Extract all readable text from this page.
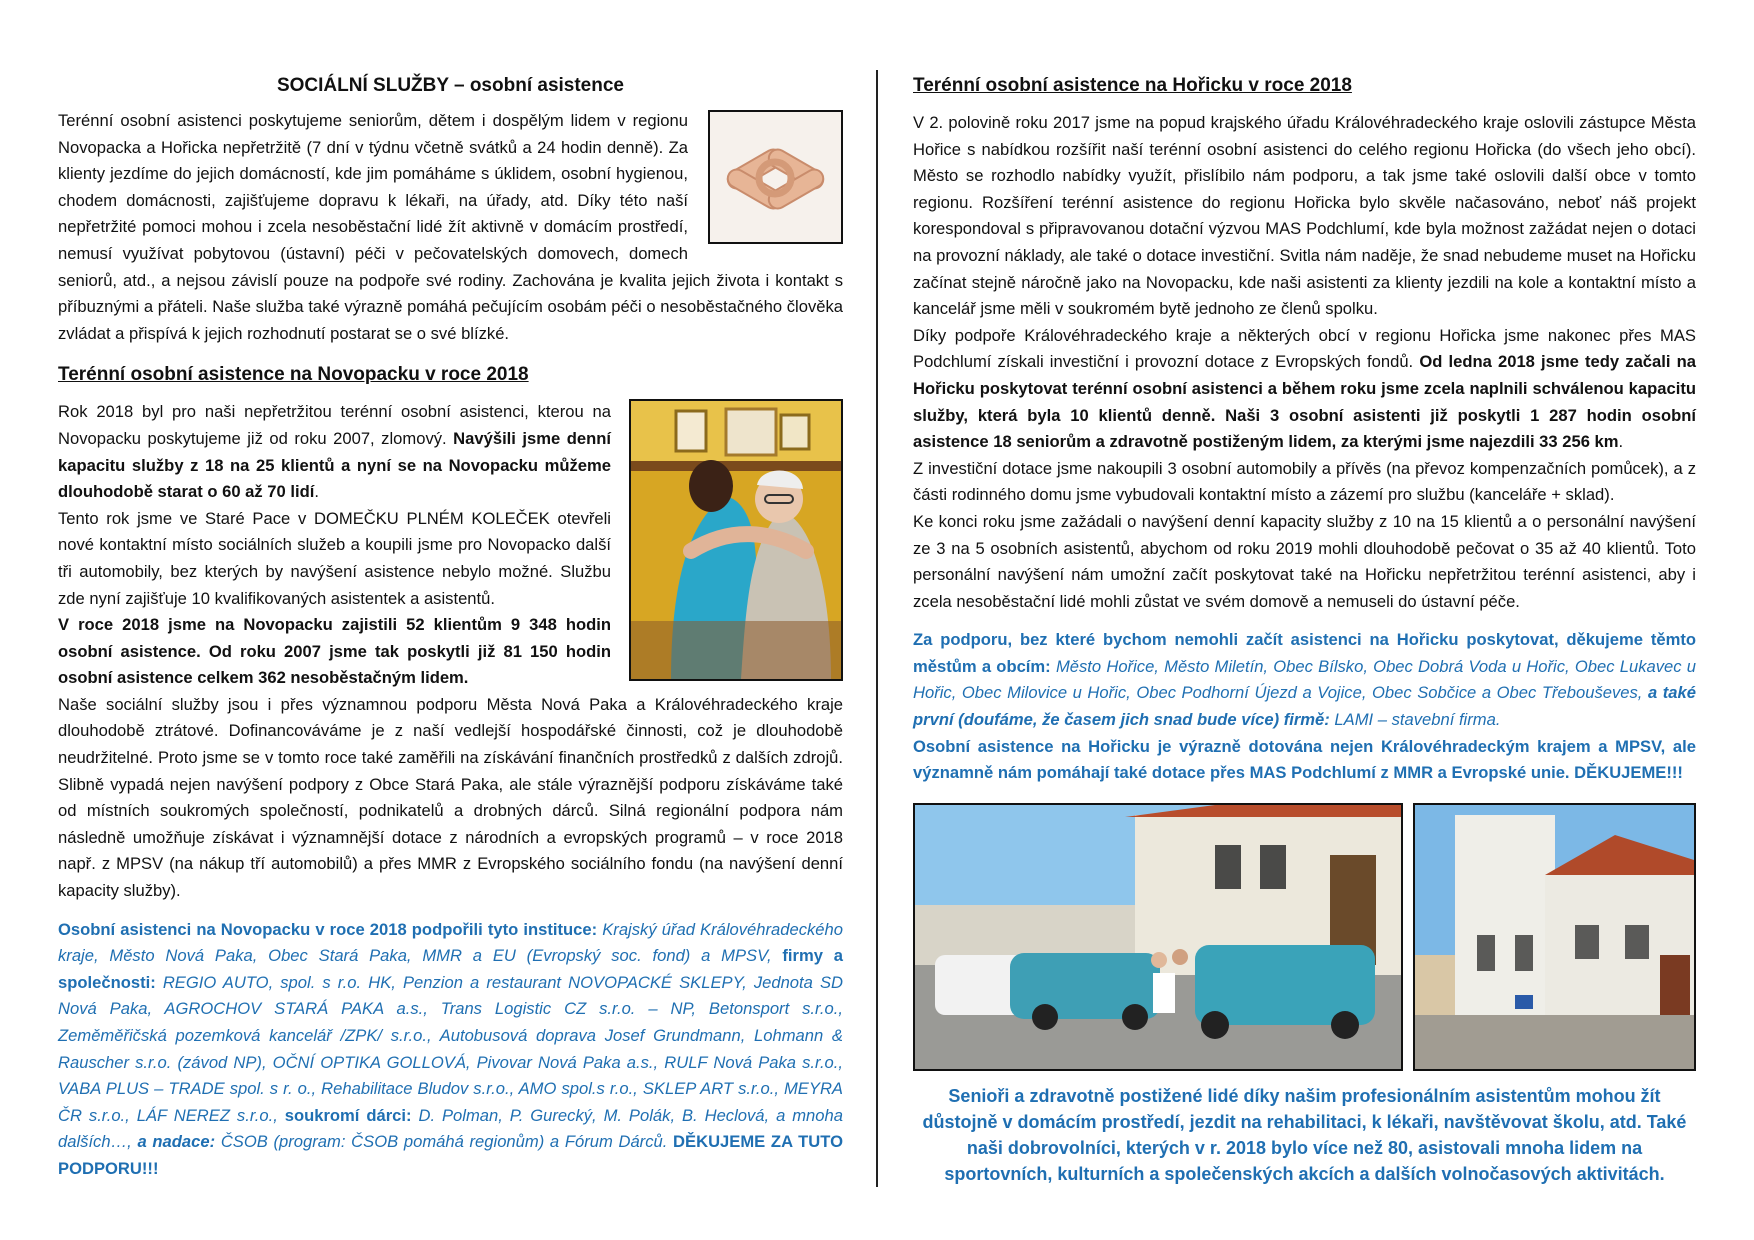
SOCIÁLNÍ SLUŽBY – osobní asistence

Terénní osobní asistenci poskytujeme seniorům, dětem i dospělým lidem v regionu Novopacka a Hořicka nepřetržitě (7 dní v týdnu včetně svátků a 24 hodin denně). Za klienty jezdíme do jejich domácností, kde jim pomáháme s úklidem, osobní hygienou, chodem domácnosti, zajišťujeme dopravu k lékaři, na úřady, atd. Díky této naší nepřetržité pomoci mohou i zcela nesoběstační lidé žít aktivně v domácím prostředí, nemusí využívat pobytovou (ústavní) péči v pečovatelských domovech, domech seniorů, atd., a nejsou závislí pouze na podpoře své rodiny. Zachována je kvalita jejich života i kontakt s příbuznými a přáteli. Naše služba také výrazně pomáhá pečujícím osobám péči o nesoběstačného člověka zvládat a přispívá k jejich rozhodnutí postarat se o své blízké.

Terénní osobní asistence na Novopacku v roce 2018

Rok 2018 byl pro naši nepřetržitou terénní osobní asistenci, kterou na Novopacku poskytujeme již od roku 2007, zlomový. Navýšili jsme denní kapacitu služby z 18 na 25 klientů a nyní se na Novopacku můžeme dlouhodobě starat o 60 až 70 lidí.

Tento rok jsme ve Staré Pace v DOMEČKU PLNÉM KOLEČEK otevřeli nové kontaktní místo sociálních služeb a koupili jsme pro Novopacko další tři automobily, bez kterých by navýšení asistence nebylo možné. Službu zde nyní zajišťuje 10 kvalifikovaných asistentek a asistentů.

V roce 2018 jsme na Novopacku zajistili 52 klientům 9 348 hodin osobní asistence. Od roku 2007 jsme tak poskytli již 81 150 hodin osobní asistence celkem 362 nesoběstačným lidem.

Naše sociální služby jsou i přes významnou podporu Města Nová Paka a Královéhradeckého kraje dlouhodobě ztrátové. Dofinancováváme je z naší vedlejší hospodářské činnosti, což je dlouhodobě neudržitelné. Proto jsme se v tomto roce také zaměřili na získávání finančních prostředků z dalších zdrojů. Slibně vypadá nejen navýšení podpory z Obce Stará Paka, ale stále výraznější podporu získáváme také od místních soukromých společností, podnikatelů a drobných dárců. Silná regionální podpora nám následně umožňuje získávat i významnější dotace z národních a evropských programů – v roce 2018 např. z MPSV (na nákup tří automobilů) a přes MMR z Evropského sociálního fondu (na navýšení denní kapacity služby).

Osobní asistenci na Novopacku v roce 2018 podpořili tyto instituce: Krajský úřad Královéhradeckého kraje, Město Nová Paka, Obec Stará Paka, MMR a EU (Evropský soc. fond) a MPSV, firmy a společnosti: REGIO AUTO, spol. s r.o. HK, Penzion a restaurant NOVOPACKÉ SKLEPY, Jednota SD Nová Paka, AGROCHOV STARÁ PAKA a.s., Trans Logistic CZ s.r.o. – NP, Betonsport s.r.o., Zeměměřičská pozemková kancelář /ZPK/ s.r.o., Autobusová doprava Josef Grundmann, Lohmann & Rauscher s.r.o. (závod NP), OČNÍ OPTIKA GOLLOVÁ, Pivovar Nová Paka a.s., RULF Nová Paka s.r.o., VABA PLUS – TRADE spol. s r. o., Rehabilitace Bludov s.r.o., AMO spol.s r.o., SKLEP ART s.r.o., MEYRA ČR s.r.o., LÁF NEREZ s.r.o., soukromí dárci: D. Polman, P. Gurecký, M. Polák, B. Heclová, a mnoha dalších…, a nadace: ČSOB (program: ČSOB pomáhá regionům) a Fórum Dárců. DĚKUJEME ZA TUTO PODPORU!!!

Terénní osobní asistence na Hořicku v roce 2018

V 2. polovině roku 2017 jsme na popud krajského úřadu Královéhradeckého kraje oslovili zástupce Města Hořice s nabídkou rozšířit naší terénní osobní asistenci do celého regionu Hořicka (do všech jeho obcí). Město se rozhodlo nabídky využít, přislíbilo nám podporu, a tak jsme také oslovili další obce v tomto regionu. Rozšíření terénní asistence do regionu Hořicka bylo skvěle načasováno, neboť náš projekt korespondoval s připravovanou dotační výzvou MAS Podchlumí, kde byla možnost zažádat nejen o dotaci na provozní náklady, ale také o dotace investiční. Svitla nám naděje, že snad nebudeme muset na Hořicku začínat stejně náročně jako na Novopacku, kde naši asistenti za klienty jezdili na kole a kontaktní místo a kancelář jsme měli v soukromém bytě jednoho ze členů spolku.

Díky podpoře Královéhradeckého kraje a některých obcí v regionu Hořicka jsme nakonec přes MAS Podchlumí získali investiční i provozní dotace z Evropských fondů. Od ledna 2018 jsme tedy začali na Hořicku poskytovat terénní osobní asistenci a během roku jsme zcela naplnili schválenou kapacitu služby, která byla 10 klientů denně. Naši 3 osobní asistenti již poskytli 1 287 hodin osobní asistence 18 seniorům a zdravotně postiženým lidem, za kterými jsme najezdili 33 256 km.

Z investiční dotace jsme nakoupili 3 osobní automobily a přívěs (na převoz kompenzačních pomůcek), a z části rodinného domu jsme vybudovali kontaktní místo a zázemí pro službu (kanceláře + sklad).

Ke konci roku jsme zažádali o navýšení denní kapacity služby z 10 na 15 klientů a o personální navýšení ze 3 na 5 osobních asistentů, abychom od roku 2019 mohli dlouhodobě pečovat o 35 až 40 klientů. Toto personální navýšení nám umožní začít poskytovat také na Hořicku nepřetržitou terénní asistenci, aby i zcela nesoběstační lidé mohli zůstat ve svém domově a nemuseli do ústavní péče.

Za podporu, bez které bychom nemohli začít asistenci na Hořicku poskytovat, děkujeme těmto městům a obcím: Město Hořice, Město Miletín, Obec Bílsko, Obec Dobrá Voda u Hořic, Obec Lukavec u Hořic, Obec Milovice u Hořic, Obec Podhorní Újezd a Vojice, Obec Sobčice a Obec Třebouševes, a také první (doufáme, že časem jich snad bude více) firmě: LAMI – stavební firma.

Osobní asistence na Hořicku je výrazně dotována nejen Královéhradeckým krajem a MPSV, ale významně nám pomáhají také dotace přes MAS Podchlumí z MMR a Evropské unie. DĚKUJEME!!!

Senioři a zdravotně postižené lidé díky našim profesionálním asistentům mohou žít důstojně v domácím prostředí, jezdit na rehabilitaci, k lékaři, navštěvovat školu, atd. Také naši dobrovolníci, kterých v r. 2018 bylo více než 80, asistovali mnoha lidem na sportovních, kulturních a společenských akcích a dalších volnočasových aktivitách.
